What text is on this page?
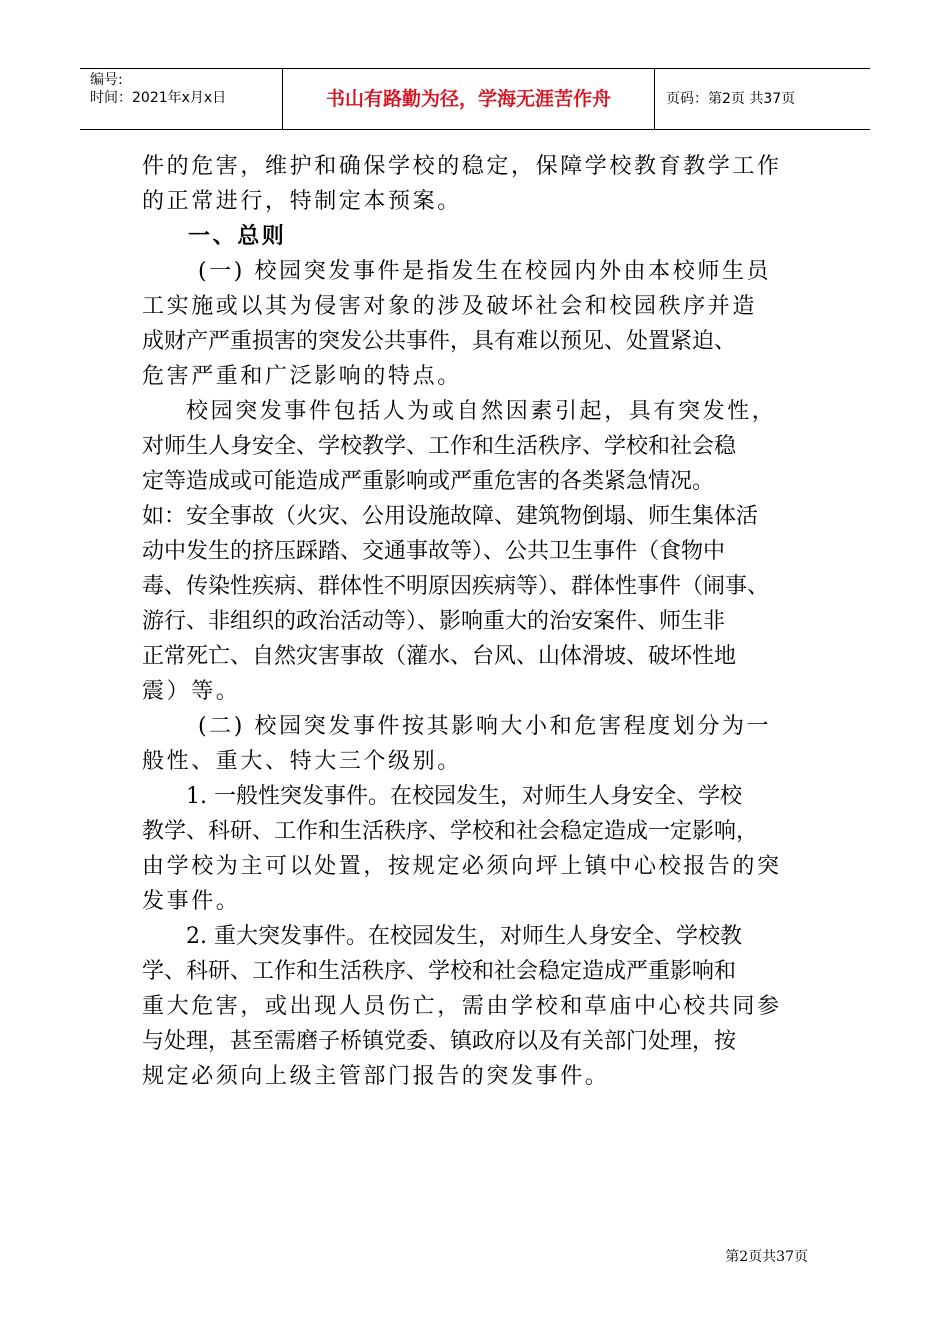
编号:
时间：2021年x月x日	书山有路勤为径，学海无涯苦作舟	页码：第2页 共37页

件的危害，维护和确保学校的稳定，保障学校教育教学工作

的正常进行，特制定本预案。

一、总则

(一) 校园突发事件是指发生在校园内外由本校师生员

工实施或以其为侵害对象的涉及破坏社会和校园秩序并造

成财产严重损害的突发公共事件，具有难以预见、处置紧迫、

危害严重和广泛影响的特点。

校园突发事件包括人为或自然因素引起，具有突发性，

对师生人身安全、学校教学、工作和生活秩序、学校和社会稳

定等造成或可能造成严重影响或严重危害的各类紧急情况。

如：安全事故（火灾、公用设施故障、建筑物倒塌、师生集体活

动中发生的挤压踩踏、交通事故等）、公共卫生事件（食物中

毒、传染性疾病、群体性不明原因疾病等）、群体性事件（闹事、

游行、非组织的政治活动等）、影响重大的治安案件、师生非

正常死亡、自然灾害事故（灌水、台风、山体滑坡、破坏性地

震）等。

(二) 校园突发事件按其影响大小和危害程度划分为一

般性、重大、特大三个级别。

1. 一般性突发事件。在校园发生，对师生人身安全、学校

教学、科研、工作和生活秩序、学校和社会稳定造成一定影响，

由学校为主可以处置，按规定必须向坪上镇中心校报告的突

发事件。

2. 重大突发事件。在校园发生，对师生人身安全、学校教

学、科研、工作和生活秩序、学校和社会稳定造成严重影响和

重大危害，或出现人员伤亡，需由学校和草庙中心校共同参

与处理，甚至需磨子桥镇党委、镇政府以及有关部门处理，按

规定必须向上级主管部门报告的突发事件。

第2页共37页
